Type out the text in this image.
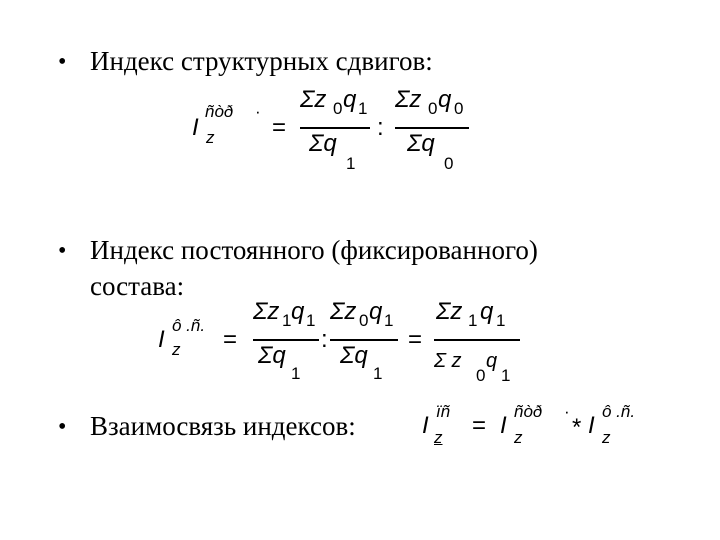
• Индекс структурных сдвигов:
I
ñòð ·
z =
Σz 0 q 1
Σq
1
:
Σz 0 q 0
Σq
0
• Индекс постоянного (фиксированного)
состава:
I
ô .ñ.
z =
Σz 1 q 1
Σq
1
:
Σz 0 q 1
Σq
1
=
Σz 1 q 1
Σ z
0
q
1
• Взаимосвязь индексов:	I
ïñ
z = I
ñòð ·
z * I
ô .ñ.
z
